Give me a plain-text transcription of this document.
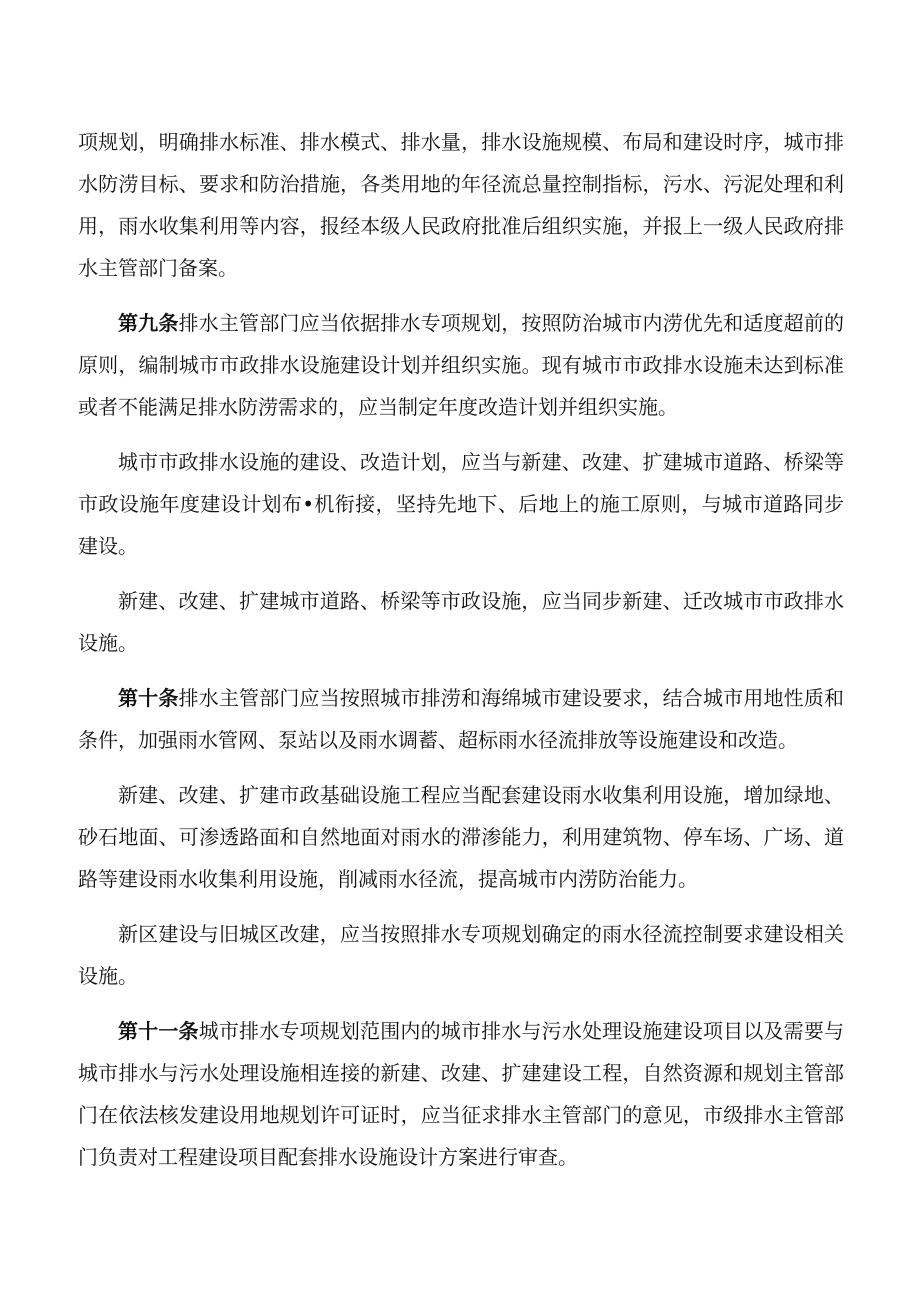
项规划，明确排水标准、排水模式、排水量，排水设施规模、布局和建设时序，城市排水防涝目标、要求和防治措施，各类用地的年径流总量控制指标，污水、污泥处理和利用，雨水收集利用等内容，报经本级人民政府批准后组织实施，并报上一级人民政府排水主管部门备案。

第九条排水主管部门应当依据排水专项规划，按照防治城市内涝优先和适度超前的原则，编制城市市政排水设施建设计划并组织实施。现有城市市政排水设施未达到标准或者不能满足排水防涝需求的，应当制定年度改造计划并组织实施。

城市市政排水设施的建设、改造计划，应当与新建、改建、扩建城市道路、桥梁等市政设施年度建设计划布•机衔接，坚持先地下、后地上的施工原则，与城市道路同步建设。

新建、改建、扩建城市道路、桥梁等市政设施，应当同步新建、迁改城市市政排水设施。

第十条排水主管部门应当按照城市排涝和海绵城市建设要求，结合城市用地性质和条件，加强雨水管网、泵站以及雨水调蓄、超标雨水径流排放等设施建设和改造。

新建、改建、扩建市政基础设施工程应当配套建设雨水收集利用设施，增加绿地、砂石地面、可渗透路面和自然地面对雨水的滞渗能力，利用建筑物、停车场、广场、道路等建设雨水收集利用设施，削减雨水径流，提高城市内涝防治能力。

新区建设与旧城区改建，应当按照排水专项规划确定的雨水径流控制要求建设相关设施。

第十一条城市排水专项规划范围内的城市排水与污水处理设施建设项目以及需要与城市排水与污水处理设施相连接的新建、改建、扩建建设工程，自然资源和规划主管部门在依法核发建设用地规划许可证时，应当征求排水主管部门的意见，市级排水主管部门负责对工程建设项目配套排水设施设计方案进行审查。
